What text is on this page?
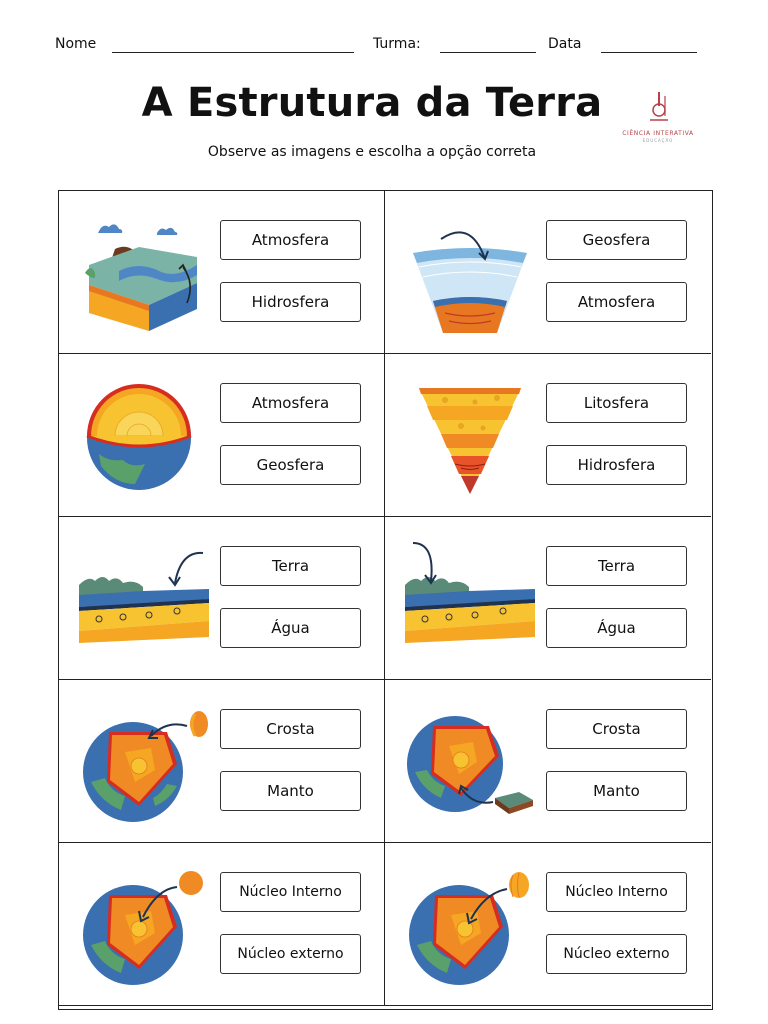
Nome	Turma:	Data
A Estrutura da Terra
CIÊNCIA INTERATIVA
EDUCAÇÃO
Observe as imagens e escolha a opção correta
Atmosfera
Hidrosfera
Geosfera
Atmosfera
Atmosfera
Geosfera
Litosfera
Hidrosfera
Terra
Água
Terra
Água
Crosta
Manto
Crosta
Manto
Núcleo Interno
Núcleo externo
Núcleo Interno
Núcleo externo
